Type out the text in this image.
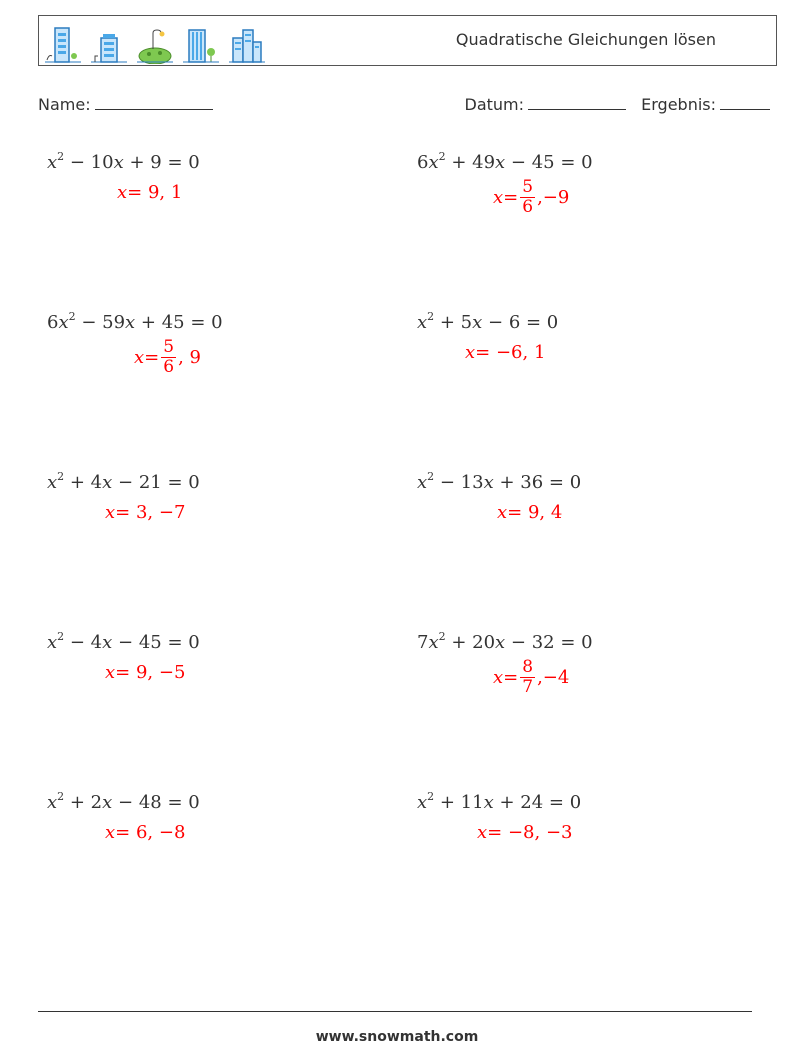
Quadratische Gleichungen lösen
Name:	Datum:	Ergebnis:
$x^2 - 10x + 9 = 0$
x = 9, 1
$6x^2 + 49x - 45 = 0$
$x = \frac{5}{6} ,-9$
$6x^2 - 59x + 45 = 0$
$x = \frac{5}{6}$ , 9
$x^2 + 5x - 6 = 0$
x = −6, 1
$x^2 + 4x - 21 = 0$
x = 3, −7
$x^2 - 13x + 36 = 0$
x = 9, 4
$x^2 - 4x - 45 = 0$
x = 9, −5
$7x^2 + 20x - 32 = 0$
$x = \frac{8}{7} ,-4$
$x^2 + 2x - 48 = 0$
x = 6, −8
$x^2 + 11x + 24 = 0$
x = −8, −3
www.snowmath.com
